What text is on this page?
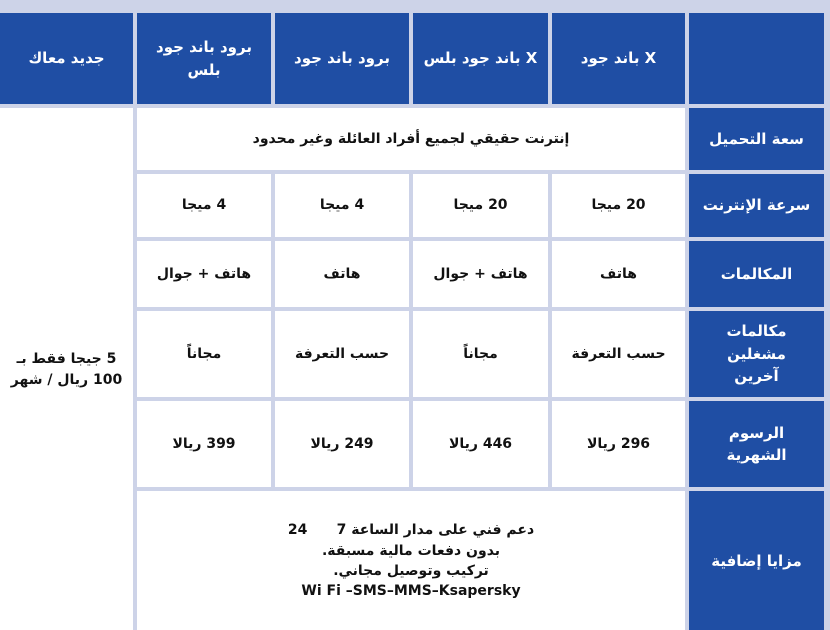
X باند جود
X باند جود بلس
برود باند جود
برود باند جود بلس
جديد معاك
سعة التحميل
إنترنت حقيقي لجميع أفراد العائلة وغير محدود
5 جيجا فقط بـ
100 ريال / شهر
سرعة الإنترنت
20 ميجا
20 ميجا
4 ميجا
4 ميجا
المكالمات
هاتف
هاتف + جوال
هاتف
هاتف + جوال
مكالمات مشغلين آخرين
حسب التعرفة
مجاناً
حسب التعرفة
مجاناً
الرسوم الشهرية
296 ريالا
446 ريالا
249 ريالا
399 ريالا
مزايا إضافية
دعم فني على مدار الساعة 7      24
بدون دفعات مالية مسبقة.
تركيب وتوصيل مجاني.
Wi Fi –SMS–MMS–Ksapersky
